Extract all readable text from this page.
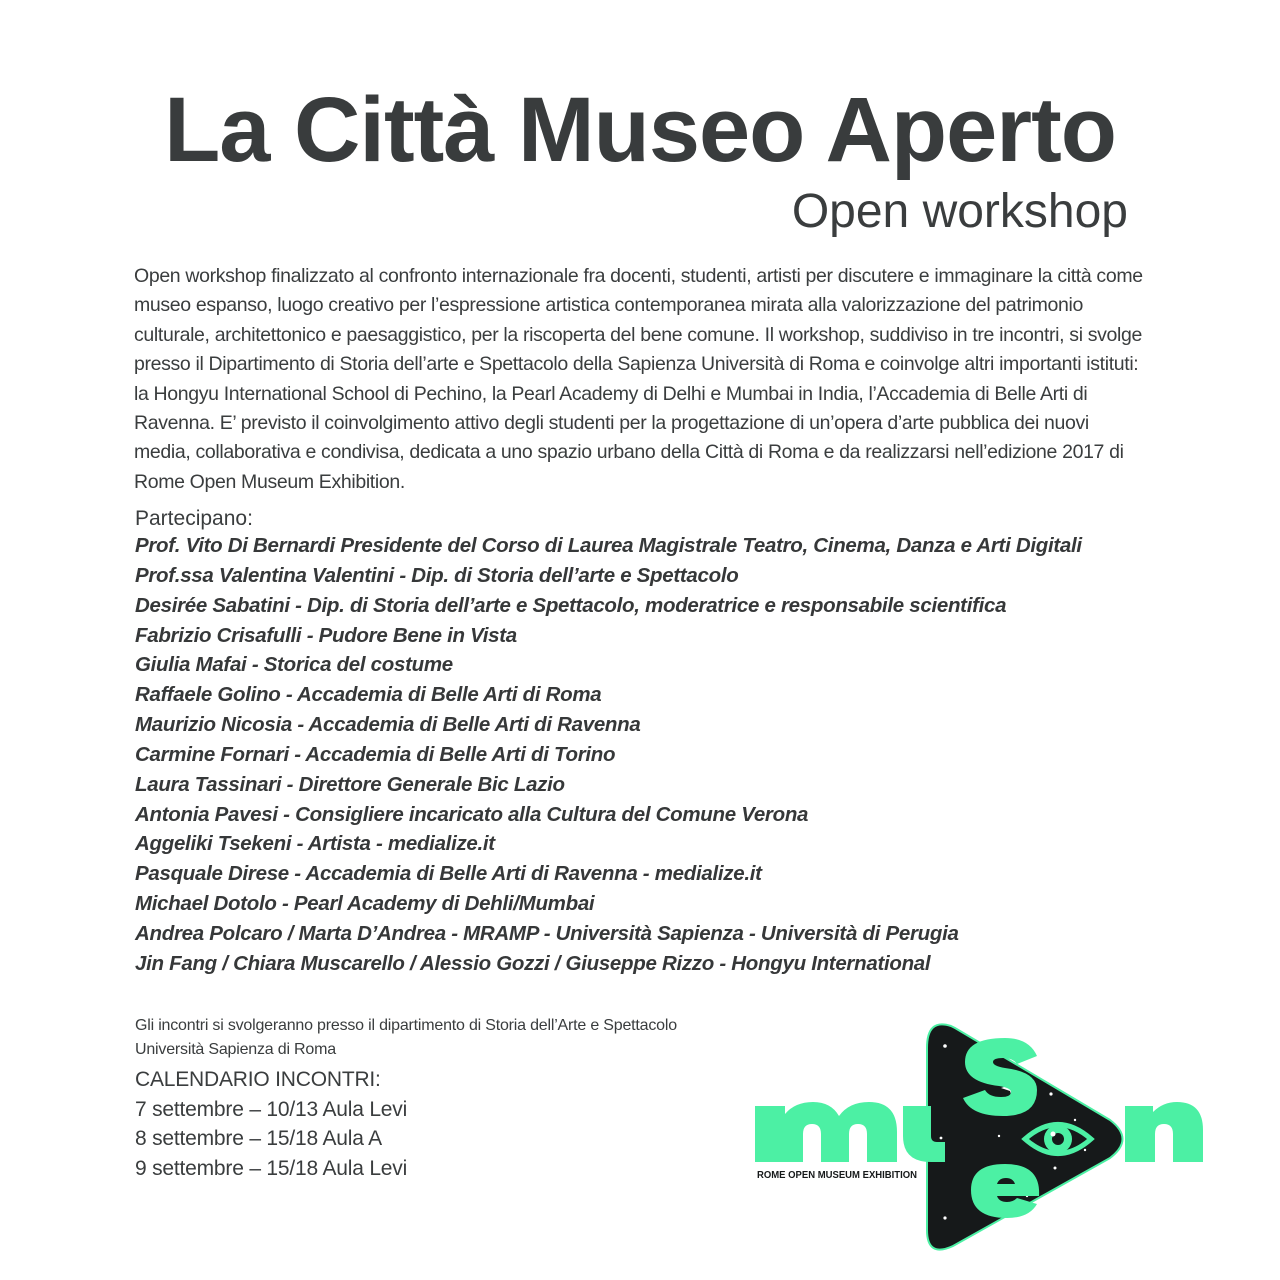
La Città Museo Aperto
Open workshop

Open workshop finalizzato al confronto internazionale fra docenti, studenti, artisti per discutere e immaginare la città come museo espanso, luogo creativo per l’espressione artistica contemporanea mirata alla valorizzazione del patrimonio culturale, architettonico e paesaggistico, per la riscoperta del bene comune. Il workshop, suddiviso in tre incontri, si svolge presso il Dipartimento di Storia dell’arte e Spettacolo della Sapienza Università di Roma e coinvolge altri importanti istituti: la Hongyu International School di Pechino, la Pearl Academy di Delhi e Mumbai in India, l’Accademia di Belle Arti di Ravenna. E’ previsto il coinvolgimento attivo degli studenti per la progettazione di un’opera d’arte pubblica dei nuovi media, collaborativa e condivisa, dedicata a uno spazio urbano della Città di Roma e da realizzarsi nell’edizione 2017 di Rome Open Museum Exhibition.

Partecipano:
Prof. Vito Di Bernardi Presidente del Corso di Laurea Magistrale Teatro, Cinema, Danza e Arti Digitali
Prof.ssa Valentina Valentini - Dip. di Storia dell’arte e Spettacolo
Desirée Sabatini - Dip. di Storia dell’arte e Spettacolo, moderatrice e responsabile scientifica
Fabrizio Crisafulli - Pudore Bene in Vista
Giulia Mafai - Storica del costume
Raffaele Golino - Accademia di Belle Arti di Roma
Maurizio Nicosia - Accademia di Belle Arti di Ravenna
Carmine Fornari - Accademia di Belle Arti di Torino
Laura Tassinari - Direttore Generale Bic Lazio
Antonia Pavesi - Consigliere incaricato alla Cultura del Comune Verona
Aggeliki Tsekeni - Artista - medialize.it
Pasquale Direse - Accademia di Belle Arti di Ravenna - medialize.it
Michael Dotolo - Pearl Academy di Dehli/Mumbai
Andrea Polcaro / Marta D’Andrea - MRAMP - Università Sapienza - Università di Perugia
Jin Fang / Chiara Muscarello / Alessio Gozzi / Giuseppe Rizzo - Hongyu International
Gli incontri si svolgeranno presso il dipartimento di Storia dell’Arte e Spettacolo
Università Sapienza di Roma
CALENDARIO INCONTRI:
7 settembre – 10/13 Aula Levi
8 settembre – 15/18 Aula A
9 settembre – 15/18 Aula Levi	ROME OPEN MUSEUM EXHIBITION
